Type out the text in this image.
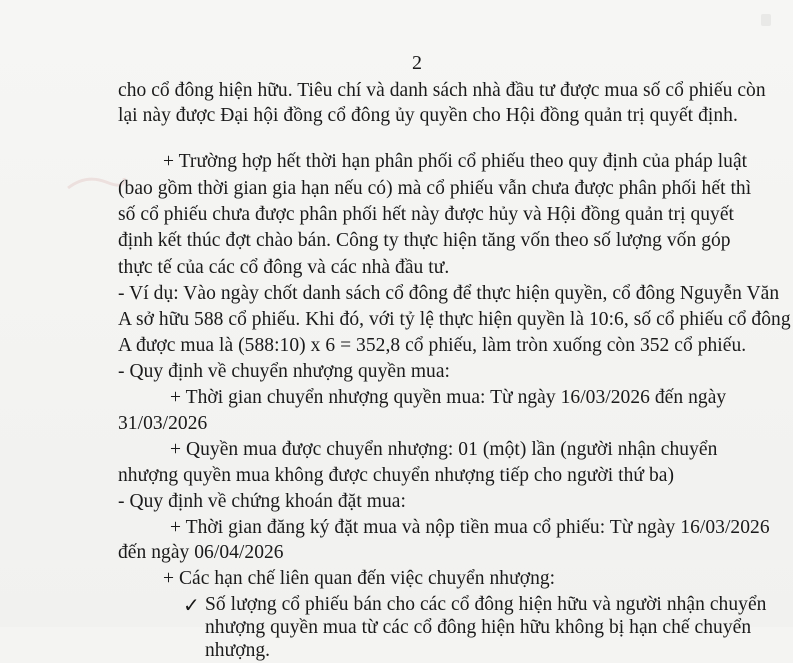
2
cho cổ đông hiện hữu. Tiêu chí và danh sách nhà đầu tư được mua số cổ phiếu còn
lại này được Đại hội đồng cổ đông ủy quyền cho Hội đồng quản trị quyết định.
+ Trường hợp hết thời hạn phân phối cổ phiếu theo quy định của pháp luật
(bao gồm thời gian gia hạn nếu có) mà cổ phiếu vẫn chưa được phân phối hết thì
số cổ phiếu chưa được phân phối hết này được hủy và Hội đồng quản trị quyết
định kết thúc đợt chào bán. Công ty thực hiện tăng vốn theo số lượng vốn góp
thực tế của các cổ đông và các nhà đầu tư.
- Ví dụ: Vào ngày chốt danh sách cổ đông để thực hiện quyền, cổ đông Nguyễn Văn
A sở hữu 588 cổ phiếu. Khi đó, với tỷ lệ thực hiện quyền là 10:6, số cổ phiếu cổ đông
A được mua là (588:10) x 6 = 352,8 cổ phiếu, làm tròn xuống còn 352 cổ phiếu.
- Quy định về chuyển nhượng quyền mua:
+ Thời gian chuyển nhượng quyền mua: Từ ngày 16/03/2026 đến ngày
31/03/2026
+ Quyền mua được chuyển nhượng: 01 (một) lần (người nhận chuyển
nhượng quyền mua không được chuyển nhượng tiếp cho người thứ ba)
- Quy định về chứng khoán đặt mua:
+ Thời gian đăng ký đặt mua và nộp tiền mua cổ phiếu: Từ ngày 16/03/2026
đến ngày 06/04/2026
+ Các hạn chế liên quan đến việc chuyển nhượng:
✓ Số lượng cổ phiếu bán cho các cổ đông hiện hữu và người nhận chuyển
nhượng quyền mua từ các cổ đông hiện hữu không bị hạn chế chuyển
nhượng.
